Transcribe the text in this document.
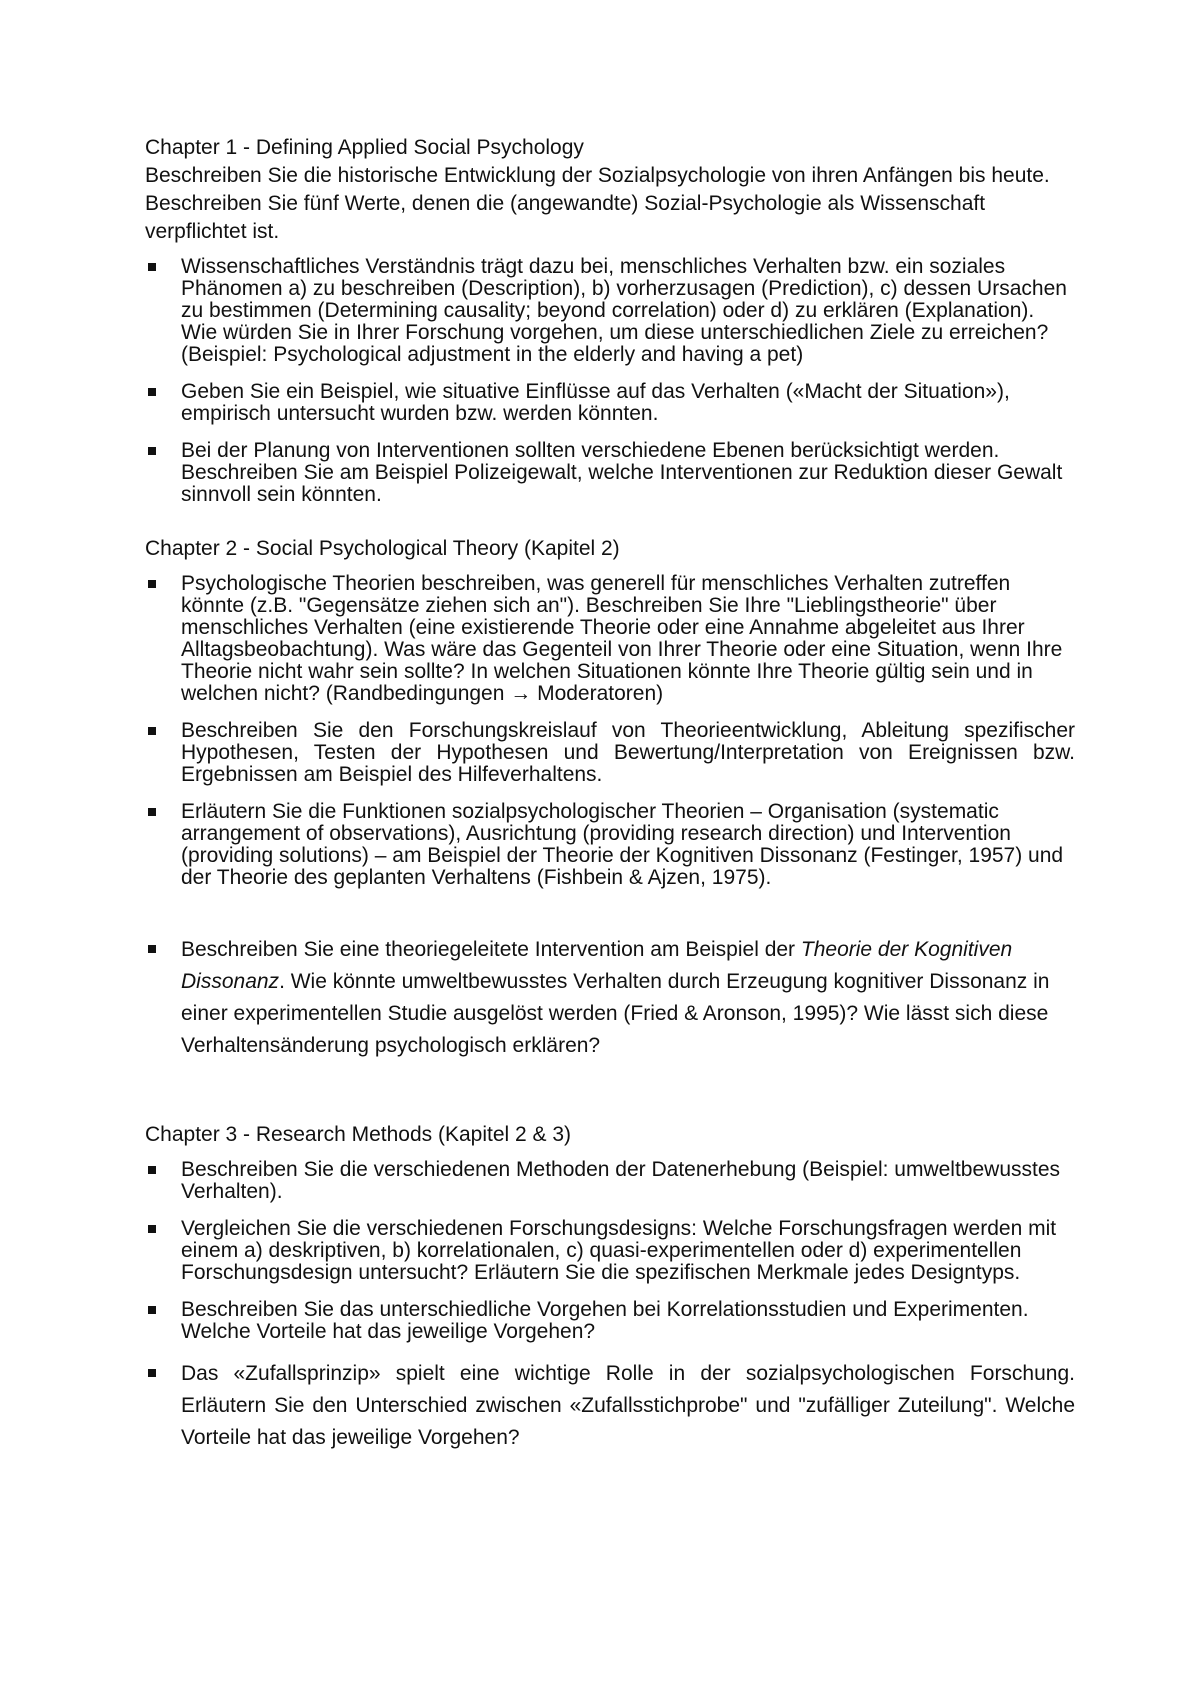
Chapter 1 - Defining Applied Social Psychology

Beschreiben Sie die historische Entwicklung der Sozialpsychologie von ihren Anfängen bis heute.

Beschreiben Sie fünf Werte, denen die (angewandte) Sozial-Psychologie als Wissenschaft verpflichtet ist.

Wissenschaftliches Verständnis trägt dazu bei, menschliches Verhalten bzw. ein soziales Phänomen a) zu beschreiben (Description), b) vorherzusagen (Prediction), c) dessen Ursachen zu bestimmen (Determining causality; beyond correlation) oder d) zu erklären (Explanation). Wie würden Sie in Ihrer Forschung vorgehen, um diese unterschiedlichen Ziele zu erreichen? (Beispiel: Psychological adjustment in the elderly and having a pet)
Geben Sie ein Beispiel, wie situative Einflüsse auf das Verhalten («Macht der Situation»), empirisch untersucht wurden bzw. werden könnten.
Bei der Planung von Interventionen sollten verschiedene Ebenen berücksichtigt werden. Beschreiben Sie am Beispiel Polizeigewalt, welche Interventionen zur Reduktion dieser Gewalt sinnvoll sein könnten.

Chapter 2 - Social Psychological Theory (Kapitel 2)

Psychologische Theorien beschreiben, was generell für menschliches Verhalten zutreffen könnte (z.B. "Gegensätze ziehen sich an"). Beschreiben Sie Ihre "Lieblingstheorie" über menschliches Verhalten (eine existierende Theorie oder eine Annahme abgeleitet aus Ihrer Alltagsbeobachtung). Was wäre das Gegenteil von Ihrer Theorie oder eine Situation, wenn Ihre Theorie nicht wahr sein sollte? In welchen Situationen könnte Ihre Theorie gültig sein und in welchen nicht? (Randbedingungen → Moderatoren)
Beschreiben Sie den Forschungskreislauf von Theorieentwicklung, Ableitung spezifischer Hypothesen, Testen der Hypothesen und Bewertung/Interpretation von Ereignissen bzw. Ergebnissen am Beispiel des Hilfeverhaltens.
Erläutern Sie die Funktionen sozialpsychologischer Theorien – Organisation (systematic arrangement of observations), Ausrichtung (providing research direction) und Intervention (providing solutions) – am Beispiel der Theorie der Kognitiven Dissonanz (Festinger, 1957) und der Theorie des geplanten Verhaltens (Fishbein & Ajzen, 1975).
Beschreiben Sie eine theoriegeleitete Intervention am Beispiel der Theorie der Kognitiven Dissonanz. Wie könnte umweltbewusstes Verhalten durch Erzeugung kognitiver Dissonanz in einer experimentellen Studie ausgelöst werden (Fried & Aronson, 1995)? Wie lässt sich diese Verhaltensänderung psychologisch erklären?

Chapter 3 - Research Methods (Kapitel 2 & 3)

Beschreiben Sie die verschiedenen Methoden der Datenerhebung (Beispiel: umweltbewusstes Verhalten).
Vergleichen Sie die verschiedenen Forschungsdesigns: Welche Forschungsfragen werden mit einem a) deskriptiven, b) korrelationalen, c) quasi-experimentellen oder d) experimentellen Forschungsdesign untersucht? Erläutern Sie die spezifischen Merkmale jedes Designtyps.
Beschreiben Sie das unterschiedliche Vorgehen bei Korrelationsstudien und Experimenten. Welche Vorteile hat das jeweilige Vorgehen?
Das «Zufallsprinzip» spielt eine wichtige Rolle in der sozialpsychologischen Forschung. Erläutern Sie den Unterschied zwischen «Zufallsstichprobe" und "zufälliger Zuteilung". Welche Vorteile hat das jeweilige Vorgehen?
